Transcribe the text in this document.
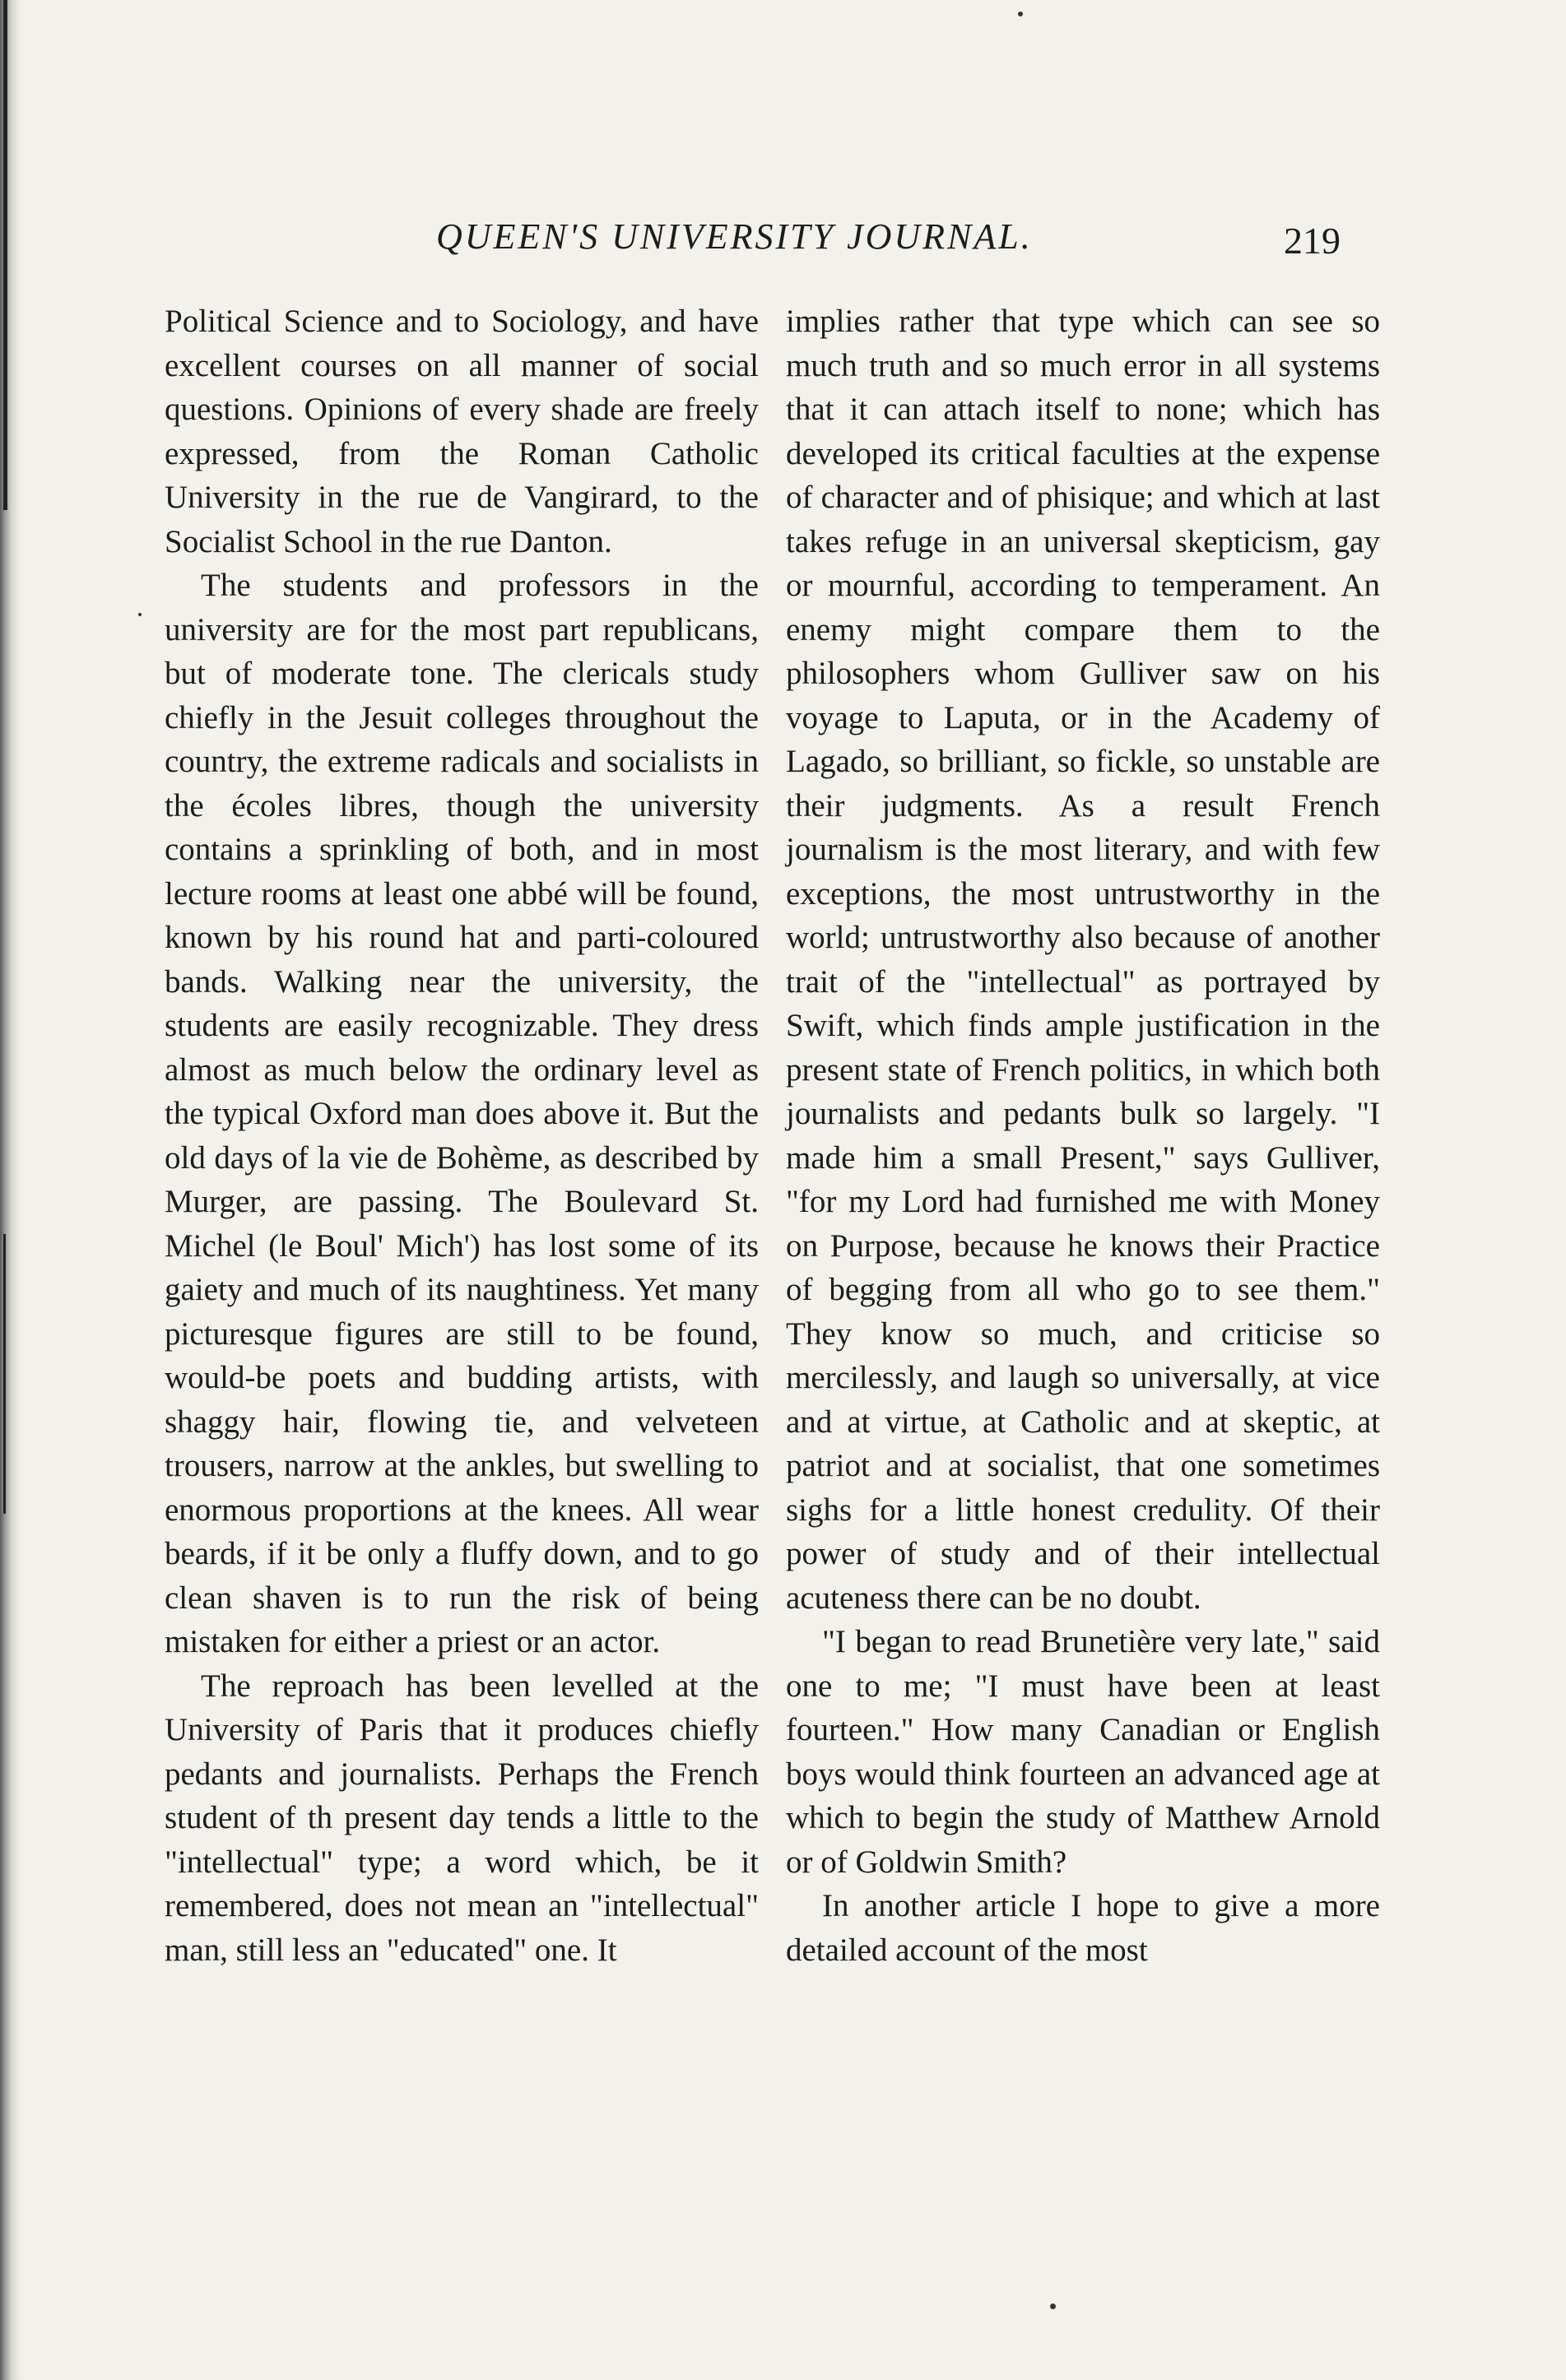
QUEEN'S UNIVERSITY JOURNAL.	219

Political Science and to Sociology, and have excellent courses on all manner of social questions. Opinions of every shade are freely expressed, from the Roman Catholic University in the rue de Vangirard, to the Socialist School in the rue Danton.

The students and professors in the university are for the most part republicans, but of moderate tone. The clericals study chiefly in the Jesuit colleges throughout the country, the extreme radicals and socialists in the écoles libres, though the university contains a sprinkling of both, and in most lecture rooms at least one abbé will be found, known by his round hat and parti-coloured bands. Walking near the university, the students are easily recognizable. They dress almost as much below the ordinary level as the typical Oxford man does above it. But the old days of la vie de Bohème, as described by Murger, are passing. The Boulevard St. Michel (le Boul' Mich') has lost some of its gaiety and much of its naughtiness. Yet many picturesque figures are still to be found, would-be poets and budding artists, with shaggy hair, flowing tie, and velveteen trousers, narrow at the ankles, but swelling to enormous proportions at the knees. All wear beards, if it be only a fluffy down, and to go clean shaven is to run the risk of being mistaken for either a priest or an actor.

The reproach has been levelled at the University of Paris that it produces chiefly pedants and journalists. Perhaps the French student of th present day tends a little to the "intellectual" type; a word which, be it remembered, does not mean an "intellectual" man, still less an "educated" one. It

implies rather that type which can see so much truth and so much error in all systems that it can attach itself to none; which has developed its critical faculties at the expense of character and of phisique; and which at last takes refuge in an universal skepticism, gay or mournful, according to temperament. An enemy might compare them to the philosophers whom Gulliver saw on his voyage to Laputa, or in the Academy of Lagado, so brilliant, so fickle, so unstable are their judgments. As a result French journalism is the most literary, and with few exceptions, the most untrustworthy in the world; untrustworthy also because of another trait of the "intellectual" as portrayed by Swift, which finds ample justification in the present state of French politics, in which both journalists and pedants bulk so largely. "I made him a small Present," says Gulliver, "for my Lord had furnished me with Money on Purpose, because he knows their Practice of begging from all who go to see them." They know so much, and criticise so mercilessly, and laugh so universally, at vice and at virtue, at Catholic and at skeptic, at patriot and at socialist, that one sometimes sighs for a little honest credulity. Of their power of study and of their intellectual acuteness there can be no doubt.

"I began to read Brunetière very late," said one to me; "I must have been at least fourteen." How many Canadian or English boys would think fourteen an advanced age at which to begin the study of Matthew Arnold or of Goldwin Smith?

In another article I hope to give a more detailed account of the most
